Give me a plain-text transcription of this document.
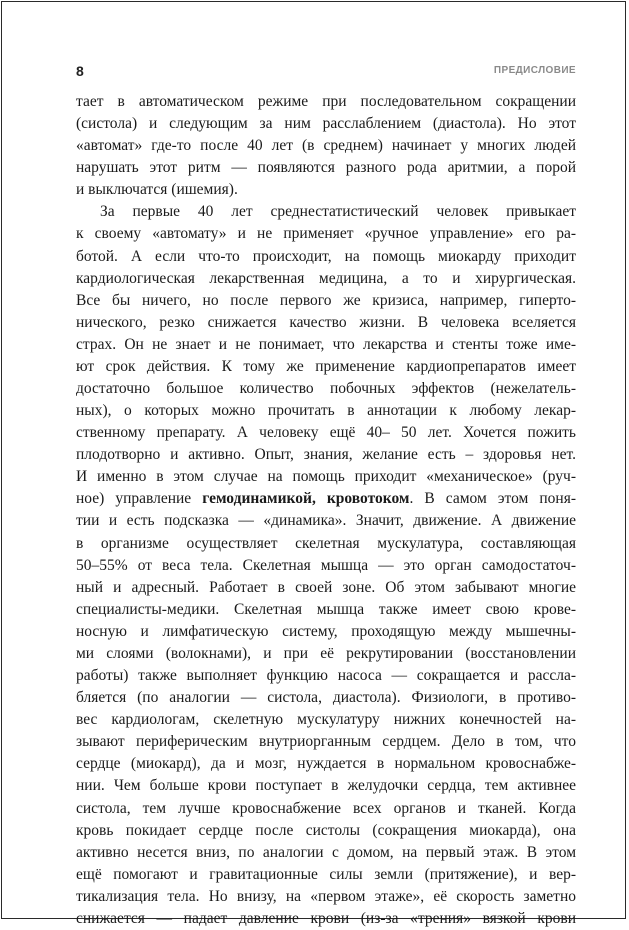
8	ПРЕДИСЛОВИЕ
тает в автоматическом режиме при последовательном сокращении
(систола) и следующим за ним расслаблением (диастола). Но этот
«автомат» где-то после 40 лет (в среднем) начинает у многих людей
нарушать этот ритм — появляются разного рода аритмии, а порой
и выключатся (ишемия).
За первые 40 лет среднестатистический человек привыкает
к своему «автомату» и не применяет «ручное управление» его ра-
ботой. А если что-то происходит, на помощь миокарду приходит
кардиологическая лекарственная медицина, а то и хирургическая.
Все бы ничего, но после первого же кризиса, например, гиперто-
нического, резко снижается качество жизни. В человека вселяется
страх. Он не знает и не понимает, что лекарства и стенты тоже име-
ют срок действия. К тому же применение кардиопрепаратов имеет
достаточно большое количество побочных эффектов (нежелатель-
ных), о которых можно прочитать в аннотации к любому лекар-
ственному препарату. А человеку ещё 40– 50 лет. Хочется пожить
плодотворно и активно. Опыт, знания, желание есть – здоровья нет.
И именно в этом случае на помощь приходит «механическое» (руч-
ное) управление гемодинамикой, кровотоком. В самом этом поня-
тии и есть подсказка — «динамика». Значит, движение. А движение
в организме осуществляет скелетная мускулатура, составляющая
50–55% от веса тела. Скелетная мышца — это орган самодостаточ-
ный и адресный. Работает в своей зоне. Об этом забывают многие
специалисты-медики. Скелетная мышца также имеет свою крове-
носную и лимфатическую систему, проходящую между мышечны-
ми слоями (волокнами), и при её рекрутировании (восстановлении
работы) также выполняет функцию насоса — сокращается и рассла-
бляется (по аналогии — систола, диастола). Физиологи, в противо-
вес кардиологам, скелетную мускулатуру нижних конечностей на-
зывают периферическим внутриорганным сердцем. Дело в том, что
сердце (миокард), да и мозг, нуждается в нормальном кровоснабже-
нии. Чем больше крови поступает в желудочки сердца, тем активнее
систола, тем лучше кровоснабжение всех органов и тканей. Когда
кровь покидает сердце после систолы (сокращения миокарда), она
активно несется вниз, по аналогии с домом, на первый этаж. В этом
ещё помогают и гравитационные силы земли (притяжение), и вер-
тикализация тела. Но внизу, на «первом этаже», её скорость заметно
снижается — падает давление крови (из-за «трения» вязкой крови
